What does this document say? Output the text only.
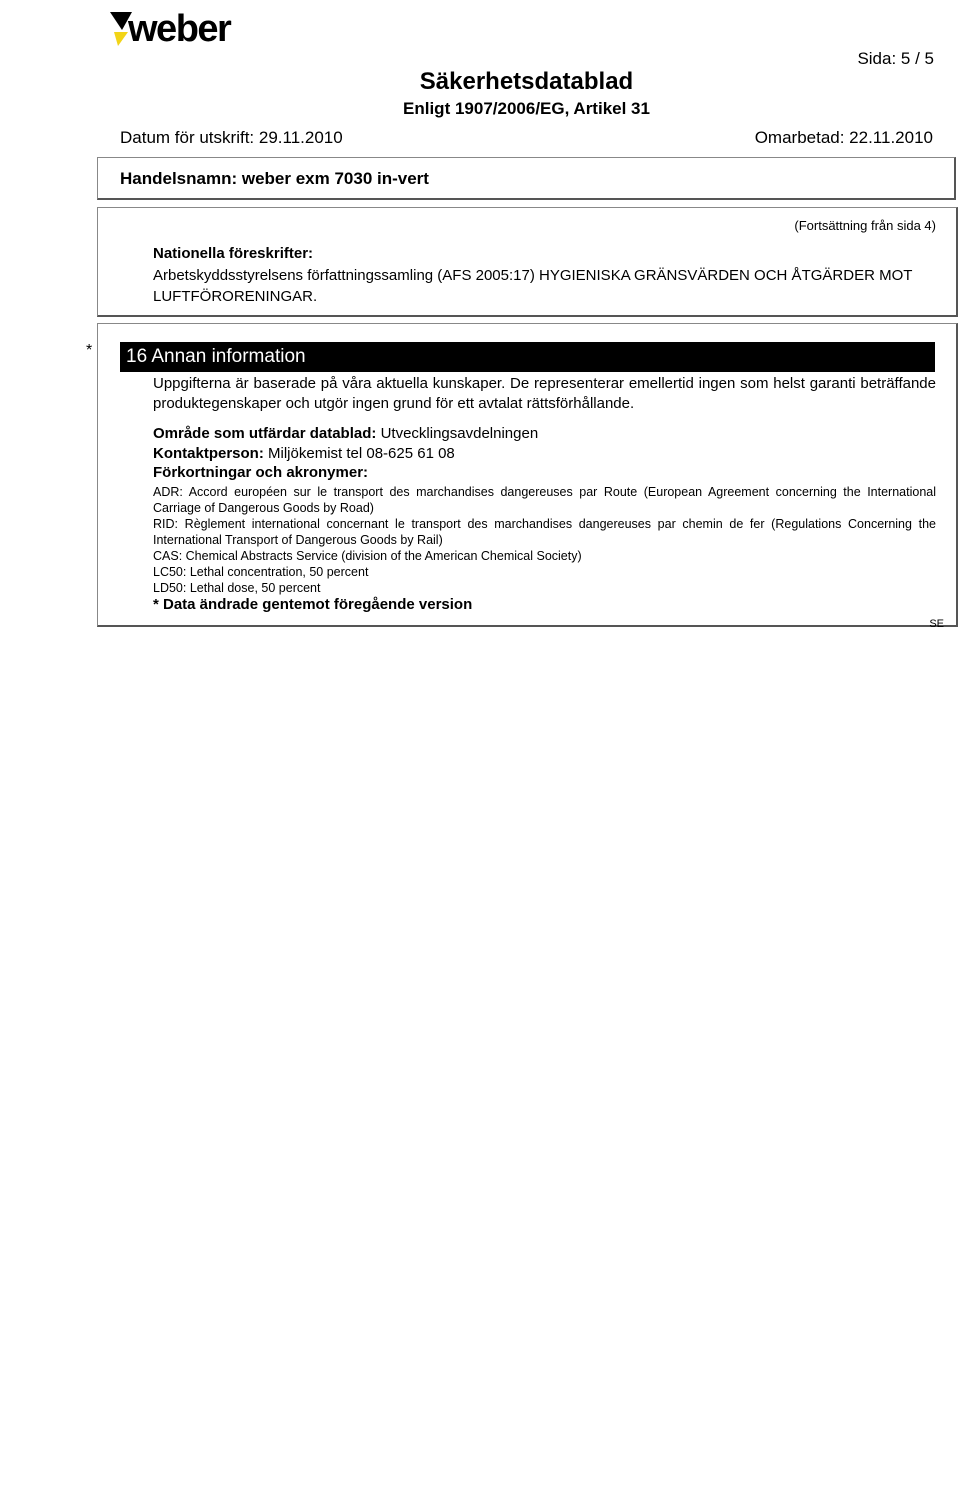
weber
Sida: 5 / 5
Säkerhetsdatablad
Enligt 1907/2006/EG, Artikel 31
Datum för utskrift: 29.11.2010	Omarbetad: 22.11.2010
Handelsnamn: weber exm 7030 in-vert
(Fortsättning från sida 4)
Nationella föreskrifter:
Arbetskyddsstyrelsens författningssamling (AFS 2005:17) HYGIENISKA GRÄNSVÄRDEN OCH ÅTGÄRDER MOT LUFTFÖRORENINGAR.
*	16 Annan information
Uppgifterna är baserade på våra aktuella kunskaper. De representerar emellertid ingen som helst garanti beträffande produktegenskaper och utgör ingen grund för ett avtalat rättsförhållande.
Område som utfärdar datablad: Utvecklingsavdelningen
Kontaktperson: Miljökemist tel 08-625 61 08
Förkortningar och akronymer:
ADR: Accord européen sur le transport des marchandises dangereuses par Route (European Agreement concerning the International Carriage of Dangerous Goods by Road)
RID: Règlement international concernant le transport des marchandises dangereuses par chemin de fer (Regulations Concerning the International Transport of Dangerous Goods by Rail)
CAS: Chemical Abstracts Service (division of the American Chemical Society)
LC50: Lethal concentration, 50 percent
LD50: Lethal dose, 50 percent
* Data ändrade gentemot föregående version
SE
